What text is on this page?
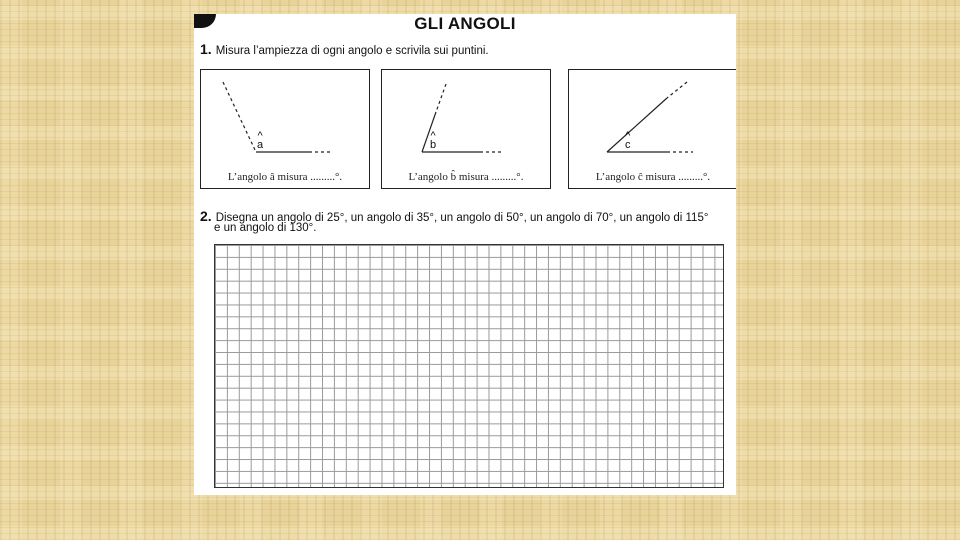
GLI ANGOLI
1. Misura l’ampiezza di ogni angolo e scrivila sui puntini.
^
a
L’angolo â misura .........°.
^
b
L’angolo b̂ misura .........°.
^
c
L’angolo ĉ misura .........°.
2. Disegna un angolo di 25°, un angolo di 35°, un angolo di 50°, un angolo di 70°, un angolo di 115°
e un angolo di 130°.
